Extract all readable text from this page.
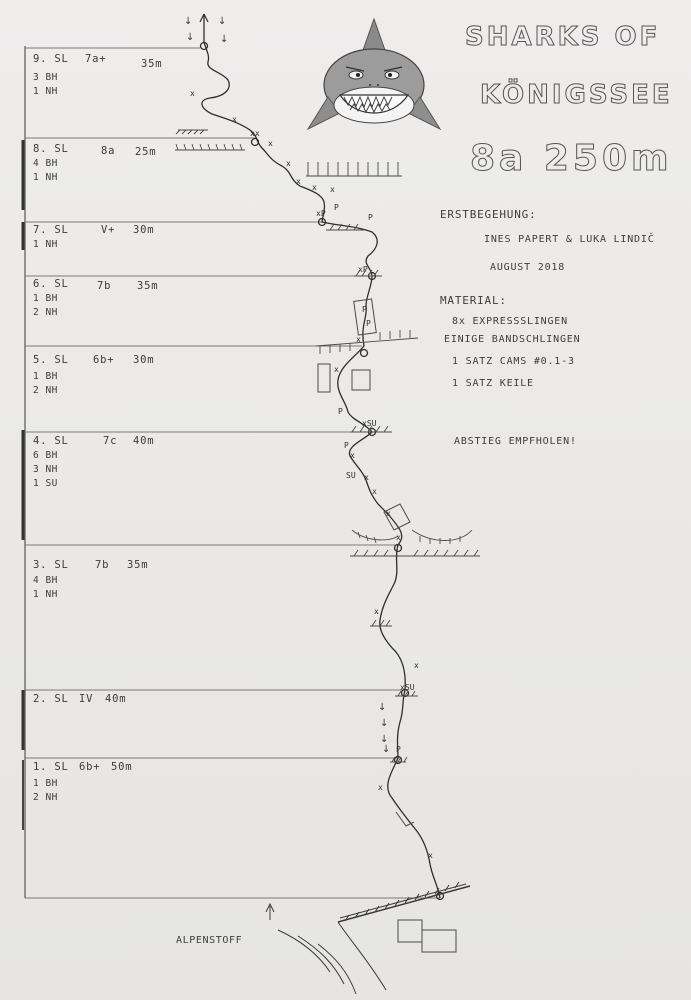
↓
↓
↓
↓
↓
↓
↓
↓
x
x
xx
x
x
x
x x
xP
P
P
xP
P
P
x
x
P
xSU
P
x
SU x
x
x
x
x
x
xSU
P
x
x
SHARKS OF
KÖNIGSSEE
8a 250m
ERSTBEGEHUNG:
INES PAPERT & LUKA LINDIČ
AUGUST 2018
MATERIAL:
8x EXPRESSSLINGEN
EINIGE BANDSCHLINGEN
1 SATZ CAMS #0.1-3
1 SATZ KEILE
ABSTIEG EMPFHOLEN!
ALPENSTOFF
9. SL 7a+	35m
3 BH
1 NH
8. SL	8a 25m
4 BH
1 NH
7. SL	V+ 30m
1 NH
6. SL	7b 35m
1 BH
2 NH
5. SL 6b+ 30m
1 BH
2 NH
4. SL	7c 40m
6 BH
3 NH
1 SU
3. SL	7b 35m
4 BH
1 NH
2. SL IV 40m
1. SL 6b+ 50m
1 BH
2 NH
